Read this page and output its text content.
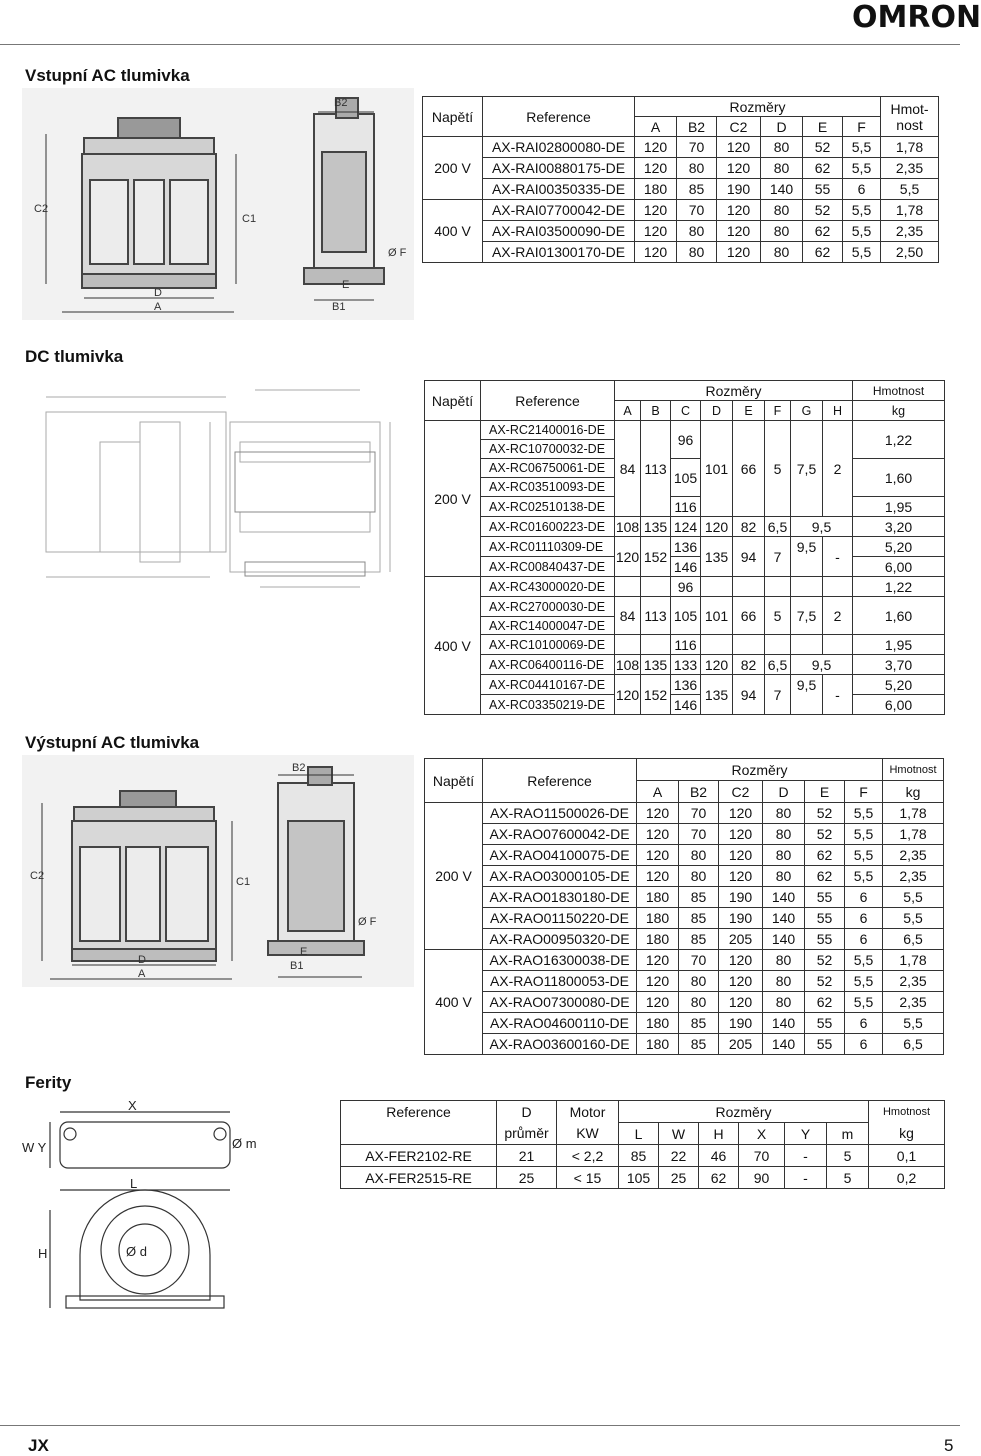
OMRON
JX	5
Vstupní AC tlumivka
B2
C2
C1
Ø F
D
E
B1
A
Napětí	Reference	Rozměry						Hmot-nost
		A	B2	C2	D	E	F	
200 V	AX-RAI02800080-DE	120	70	120	80	52	5,5	1,78
	AX-RAI00880175-DE	120	80	120	80	62	5,5	2,35
	AX-RAI00350335-DE	180	85	190	140	55	6	5,5
400 V	AX-RAI07700042-DE	120	70	120	80	52	5,5	1,78
	AX-RAI03500090-DE	120	80	120	80	62	5,5	2,35
	AX-RAI01300170-DE	120	80	120	80	62	5,5	2,50
DC tlumivka
Napětí	Reference	Rozměry								Hmotnost
		A	B	C	D	E	F	G	H	kg
200 V	AX-RC21400016-DE	84	113	96	101	66	5	7,5	2	1,22
	AX-RC10700032-DE									
	AX-RC06750061-DE			105						1,60
	AX-RC03510093-DE									
	AX-RC02510138-DE			116						1,95
	AX-RC01600223-DE	108	135	124	120	82	6,5	9,5		3,20
	AX-RC01110309-DE	120	152	136	135	94	7	9,5	-	5,20
	AX-RC00840437-DE			146						6,00
400 V	AX-RC43000020-DE			96						1,22
	AX-RC27000030-DE	84	113	105	101	66	5	7,5	2	1,60
	AX-RC14000047-DE									
	AX-RC10100069-DE			116						1,95
	AX-RC06400116-DE	108	135	133	120	82	6,5	9,5		3,70
	AX-RC04410167-DE	120	152	136	135	94	7	9,5	-	5,20
	AX-RC03350219-DE			146						6,00
Výstupní AC tlumivka
B2
C2	C1
Ø F
D
E
B1
A
Napětí	Reference	Rozměry						Hmotnost
		A	B2	C2	D	E	F	kg
200 V	AX-RAO11500026-DE	120	70	120	80	52	5,5	1,78
	AX-RAO07600042-DE	120	70	120	80	52	5,5	1,78
	AX-RAO04100075-DE	120	80	120	80	62	5,5	2,35
	AX-RAO03000105-DE	120	80	120	80	62	5,5	2,35
	AX-RAO01830180-DE	180	85	190	140	55	6	5,5
	AX-RAO01150220-DE	180	85	190	140	55	6	5,5
	AX-RAO00950320-DE	180	85	205	140	55	6	6,5
400 V	AX-RAO16300038-DE	120	70	120	80	52	5,5	1,78
	AX-RAO11800053-DE	120	80	120	80	52	5,5	2,35
	AX-RAO07300080-DE	120	80	120	80	62	5,5	2,35
	AX-RAO04600110-DE	180	85	190	140	55	6	5,5
	AX-RAO03600160-DE	180	85	205	140	55	6	6,5
Ferity
X
W Y	Ø m
L
H	Ø d
Reference	D	Motor	Rozměry						Hmotnost
	průměr	KW	L	W	H	X	Y	m	kg
AX-FER2102-RE	21	< 2,2	85	22	46	70	-	5	0,1
AX-FER2515-RE	25	< 15	105	25	62	90	-	5	0,2
